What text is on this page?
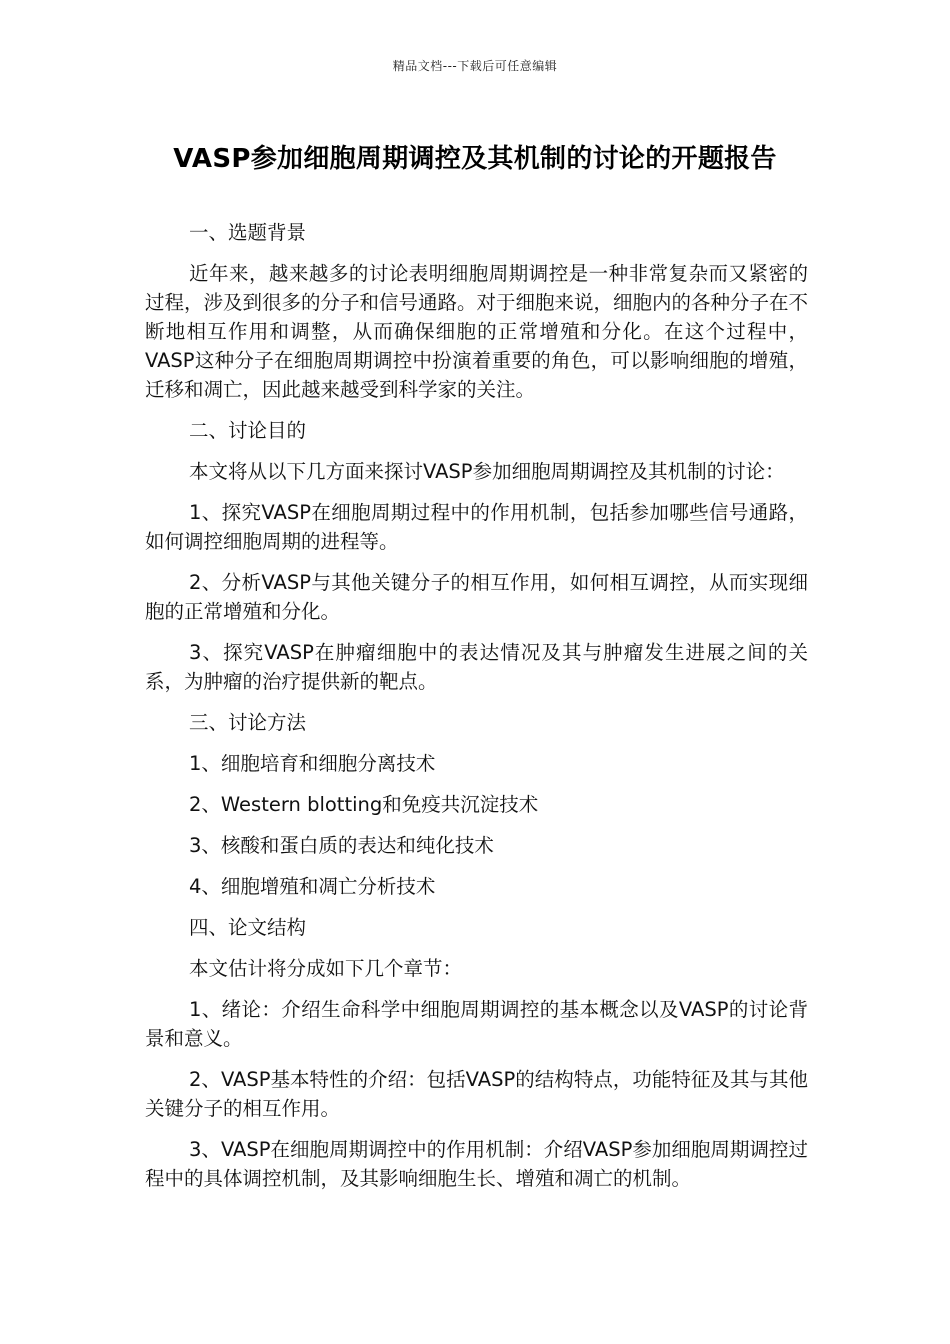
精品文档---下载后可任意编辑
VASP参加细胞周期调控及其机制的讨论的开题报告

一、选题背景

近年来，越来越多的讨论表明细胞周期调控是一种非常复杂而又紧密的过程，涉及到很多的分子和信号通路。对于细胞来说，细胞内的各种分子在不断地相互作用和调整，从而确保细胞的正常增殖和分化。在这个过程中，VASP这种分子在细胞周期调控中扮演着重要的角色，可以影响细胞的增殖，迁移和凋亡，因此越来越受到科学家的关注。

二、讨论目的

本文将从以下几方面来探讨VASP参加细胞周期调控及其机制的讨论：

1、探究VASP在细胞周期过程中的作用机制，包括参加哪些信号通路，如何调控细胞周期的进程等。

2、分析VASP与其他关键分子的相互作用，如何相互调控，从而实现细胞的正常增殖和分化。

3、探究VASP在肿瘤细胞中的表达情况及其与肿瘤发生进展之间的关系，为肿瘤的治疗提供新的靶点。

三、讨论方法

1、细胞培育和细胞分离技术

2、Western blotting和免疫共沉淀技术

3、核酸和蛋白质的表达和纯化技术

4、细胞增殖和凋亡分析技术

四、论文结构

本文估计将分成如下几个章节：

1、绪论：介绍生命科学中细胞周期调控的基本概念以及VASP的讨论背景和意义。

2、VASP基本特性的介绍：包括VASP的结构特点，功能特征及其与其他关键分子的相互作用。

3、VASP在细胞周期调控中的作用机制：介绍VASP参加细胞周期调控过程中的具体调控机制，及其影响细胞生长、增殖和凋亡的机制。
